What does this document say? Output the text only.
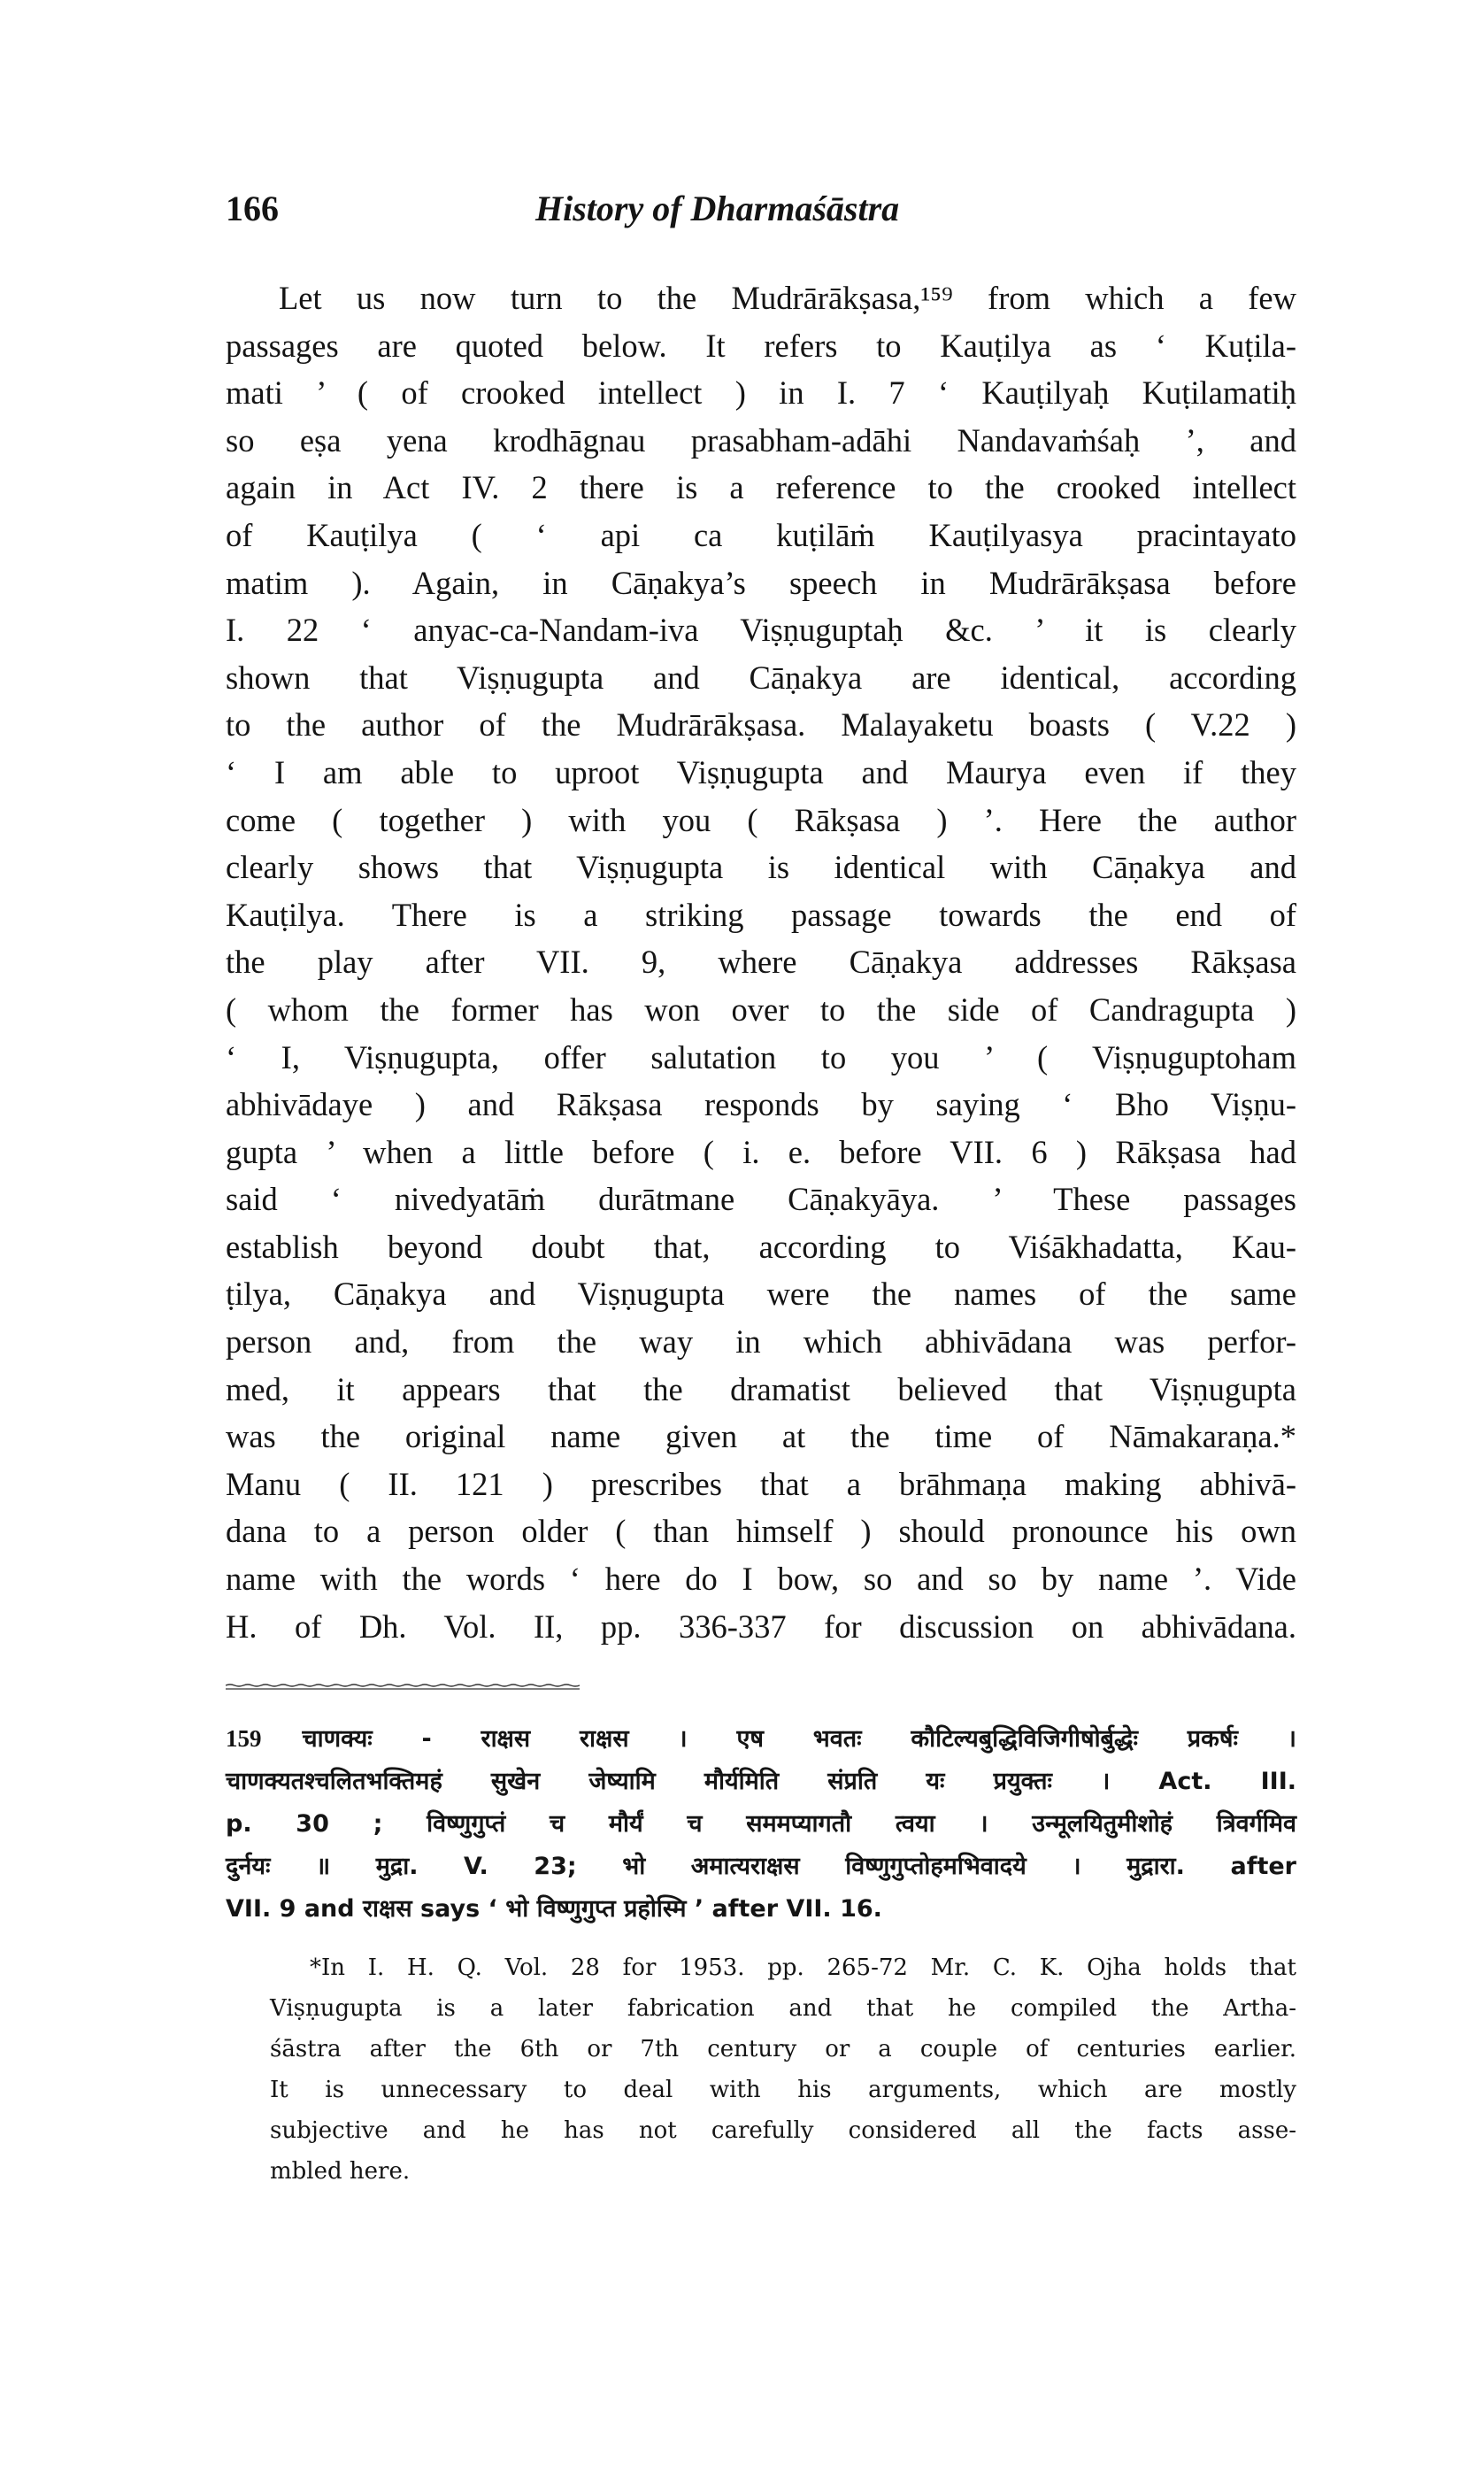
166	History of Dharmaśāstra
Let us now turn to the Mudrārākṣasa,¹⁵⁹ from which a few
passages are quoted below. It refers to Kauṭilya as ‘ Kuṭila-
mati ’ ( of crooked intellect ) in I. 7 ‘ Kauṭilyaḥ Kuṭilamatiḥ
so eṣa yena krodhāgnau prasabham-adāhi Nandavaṁśaḥ ’, and
again in Act IV. 2 there is a reference to the crooked intellect
of Kauṭilya ( ‘ api ca kuṭilāṁ Kauṭilyasya pracintayato
matim ). Again, in Cāṇakya’s speech in Mudrārākṣasa before
I. 22 ‘ anyac-ca-Nandam-iva Viṣṇuguptaḥ &c. ’ it is clearly
shown that Viṣṇugupta and Cāṇakya are identical, according
to the author of the Mudrārākṣasa. Malayaketu boasts ( V.22 )
‘ I am able to uproot Viṣṇugupta and Maurya even if they
come ( together ) with you ( Rākṣasa ) ’. Here the author
clearly shows that Viṣṇugupta is identical with Cāṇakya and
Kauṭilya. There is a striking passage towards the end of
the play after VII. 9, where Cāṇakya addresses Rākṣasa
( whom the former has won over to the side of Candragupta )
‘ I, Viṣṇugupta, offer salutation to you ’ ( Viṣṇuguptoham
abhivādaye ) and Rākṣasa responds by saying ‘ Bho Viṣṇu-
gupta ’ when a little before ( i. e. before VII. 6 ) Rākṣasa had
said ‘ nivedyatāṁ durātmane Cāṇakyāya. ’ These passages
establish beyond doubt that, according to Viśākhadatta, Kau-
ṭilya, Cāṇakya and Viṣṇugupta were the names of the same
person and, from the way in which abhivādana was perfor-
med, it appears that the dramatist believed that Viṣṇugupta
was the original name given at the time of Nāmakaraṇa.*
Manu ( II. 121 ) prescribes that a brāhmaṇa making abhivā-
dana to a person older ( than himself ) should pronounce his own
name with the words ‘ here do I bow, so and so by name ’. Vide
H. of Dh. Vol. II, pp. 336-337 for discussion on abhivādana.
159 चाणक्यः - राक्षस राक्षस । एष भवतः कौटिल्यबुद्धिविजिगीषोर्बुद्धेः प्रकर्षः ।
चाणक्यतश्चलितभक्तिमहं सुखेन जेष्यामि मौर्यमिति संप्रति यः प्रयुक्तः । Act. III.
p. 30 ; विष्णुगुप्तं च मौर्यं च सममप्यागतौ त्वया । उन्मूलयितुमीशोहं त्रिवर्गमिव
दुर्नयः ॥ मुद्रा. V. 23; भो अमात्यराक्षस विष्णुगुप्तोहमभिवादये । मुद्रारा. after
VII. 9 and राक्षस says ‘ भो विष्णुगुप्त प्रहोस्मि ’ after VII. 16.
*In I. H. Q. Vol. 28 for 1953. pp. 265-72 Mr. C. K. Ojha holds that
Viṣṇugupta is a later fabrication and that he compiled the Artha-
śāstra after the 6th or 7th century or a couple of centuries earlier.
It is unnecessary to deal with his arguments, which are mostly
subjective and he has not carefully considered all the facts asse-
mbled here.
